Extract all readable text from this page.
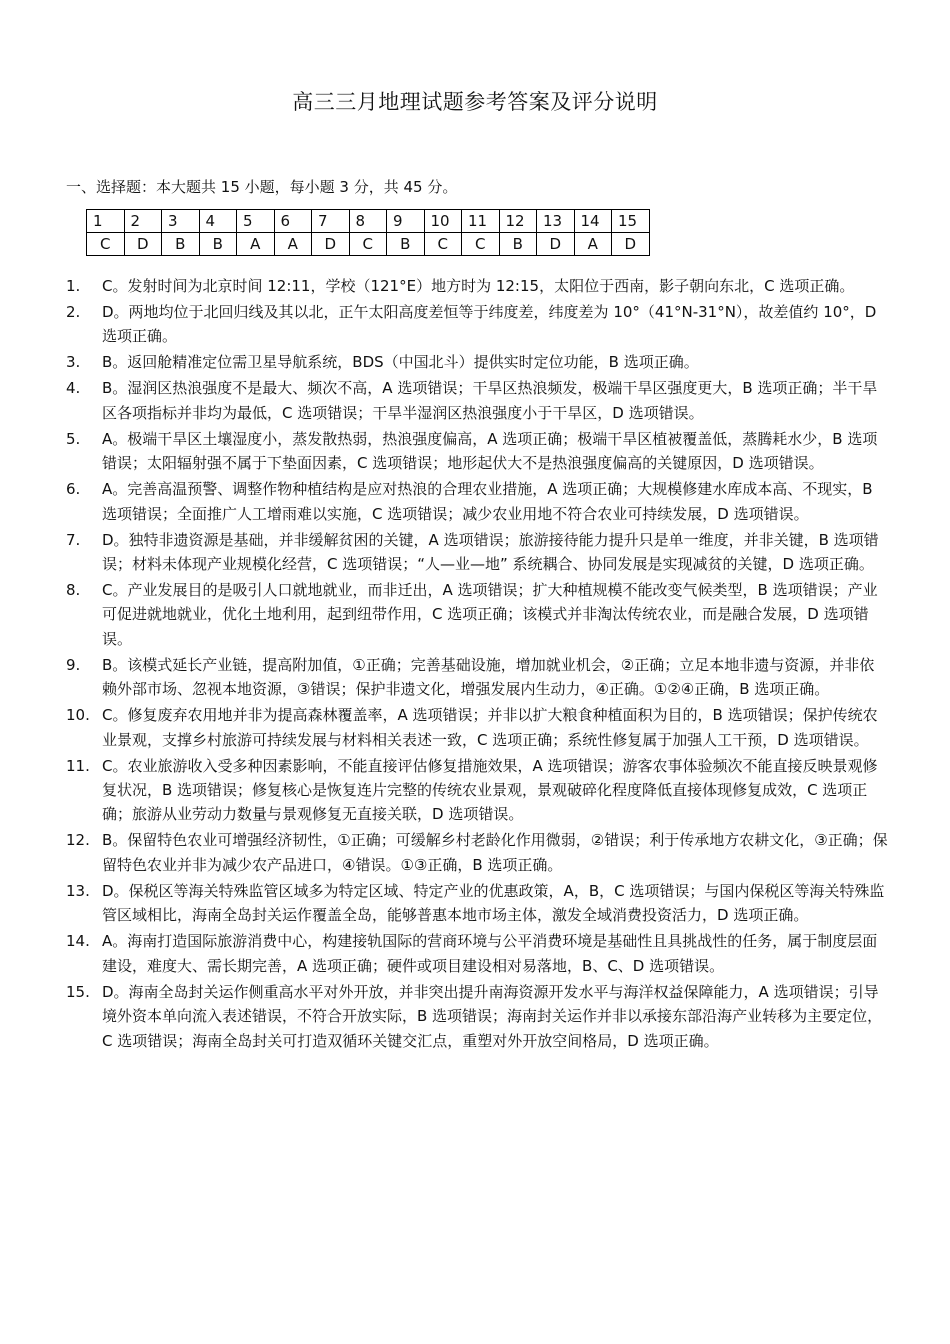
高三三月地理试题参考答案及评分说明
一、选择题：本大题共 15 小题，每小题 3 分，共 45 分。
1	2	3	4	5	6	7	8	9	10	11	12	13	14	15
C	D	B	B	A	A	D	C	B	C	C	B	D	A	D
1. C。发射时间为北京时间 12:11，学校（121°E）地方时为 12:15，太阳位于西南，影子朝向东北，C 选项正确。
2. D。两地均位于北回归线及其以北，正午太阳高度差恒等于纬度差，纬度差为 10°（41°N-31°N），故差值约 10°，D 选项正确。
3. B。返回舱精准定位需卫星导航系统，BDS（中国北斗）提供实时定位功能，B 选项正确。
4. B。湿润区热浪强度不是最大、频次不高，A 选项错误；干旱区热浪频发，极端干旱区强度更大，B 选项正确；半干旱区各项指标并非均为最低，C 选项错误；干旱半湿润区热浪强度小于干旱区，D 选项错误。
5. A。极端干旱区土壤湿度小，蒸发散热弱，热浪强度偏高，A 选项正确；极端干旱区植被覆盖低，蒸腾耗水少，B 选项错误；太阳辐射强不属于下垫面因素，C 选项错误；地形起伏大不是热浪强度偏高的关键原因，D 选项错误。
6. A。完善高温预警、调整作物种植结构是应对热浪的合理农业措施，A 选项正确；大规模修建水库成本高、不现实，B 选项错误；全面推广人工增雨难以实施，C 选项错误；减少农业用地不符合农业可持续发展，D 选项错误。
7. D。独特非遗资源是基础，并非缓解贫困的关键，A 选项错误；旅游接待能力提升只是单一维度，并非关键，B 选项错误；材料未体现产业规模化经营，C 选项错误；“人—业—地” 系统耦合、协同发展是实现减贫的关键，D 选项正确。
8. C。产业发展目的是吸引人口就地就业，而非迁出，A 选项错误；扩大种植规模不能改变气候类型，B 选项错误；产业可促进就地就业，优化土地利用，起到纽带作用，C 选项正确；该模式并非淘汰传统农业，而是融合发展，D 选项错误。
9. B。该模式延长产业链，提高附加值，①正确；完善基础设施，增加就业机会，②正确；立足本地非遗与资源，并非依赖外部市场、忽视本地资源，③错误；保护非遗文化，增强发展内生动力，④正确。①②④正确，B 选项正确。
10. C。修复废弃农用地并非为提高森林覆盖率，A 选项错误；并非以扩大粮食种植面积为目的，B 选项错误；保护传统农业景观，支撑乡村旅游可持续发展与材料相关表述一致，C 选项正确；系统性修复属于加强人工干预，D 选项错误。
11. C。农业旅游收入受多种因素影响，不能直接评估修复措施效果，A 选项错误；游客农事体验频次不能直接反映景观修复状况，B 选项错误；修复核心是恢复连片完整的传统农业景观，景观破碎化程度降低直接体现修复成效，C 选项正确；旅游从业劳动力数量与景观修复无直接关联，D 选项错误。
12. B。保留特色农业可增强经济韧性，①正确；可缓解乡村老龄化作用微弱，②错误；利于传承地方农耕文化，③正确；保留特色农业并非为减少农产品进口，④错误。①③正确，B 选项正确。
13. D。保税区等海关特殊监管区域多为特定区域、特定产业的优惠政策，A，B，C 选项错误；与国内保税区等海关特殊监管区域相比，海南全岛封关运作覆盖全岛，能够普惠本地市场主体，激发全域消费投资活力，D 选项正确。
14. A。海南打造国际旅游消费中心，构建接轨国际的营商环境与公平消费环境是基础性且具挑战性的任务，属于制度层面建设，难度大、需长期完善，A 选项正确；硬件或项目建设相对易落地，B、C、D 选项错误。
15. D。海南全岛封关运作侧重高水平对外开放，并非突出提升南海资源开发水平与海洋权益保障能力，A 选项错误；引导境外资本单向流入表述错误，不符合开放实际，B 选项错误；海南封关运作并非以承接东部沿海产业转移为主要定位，C 选项错误；海南全岛封关可打造双循环关键交汇点，重塑对外开放空间格局，D 选项正确。
